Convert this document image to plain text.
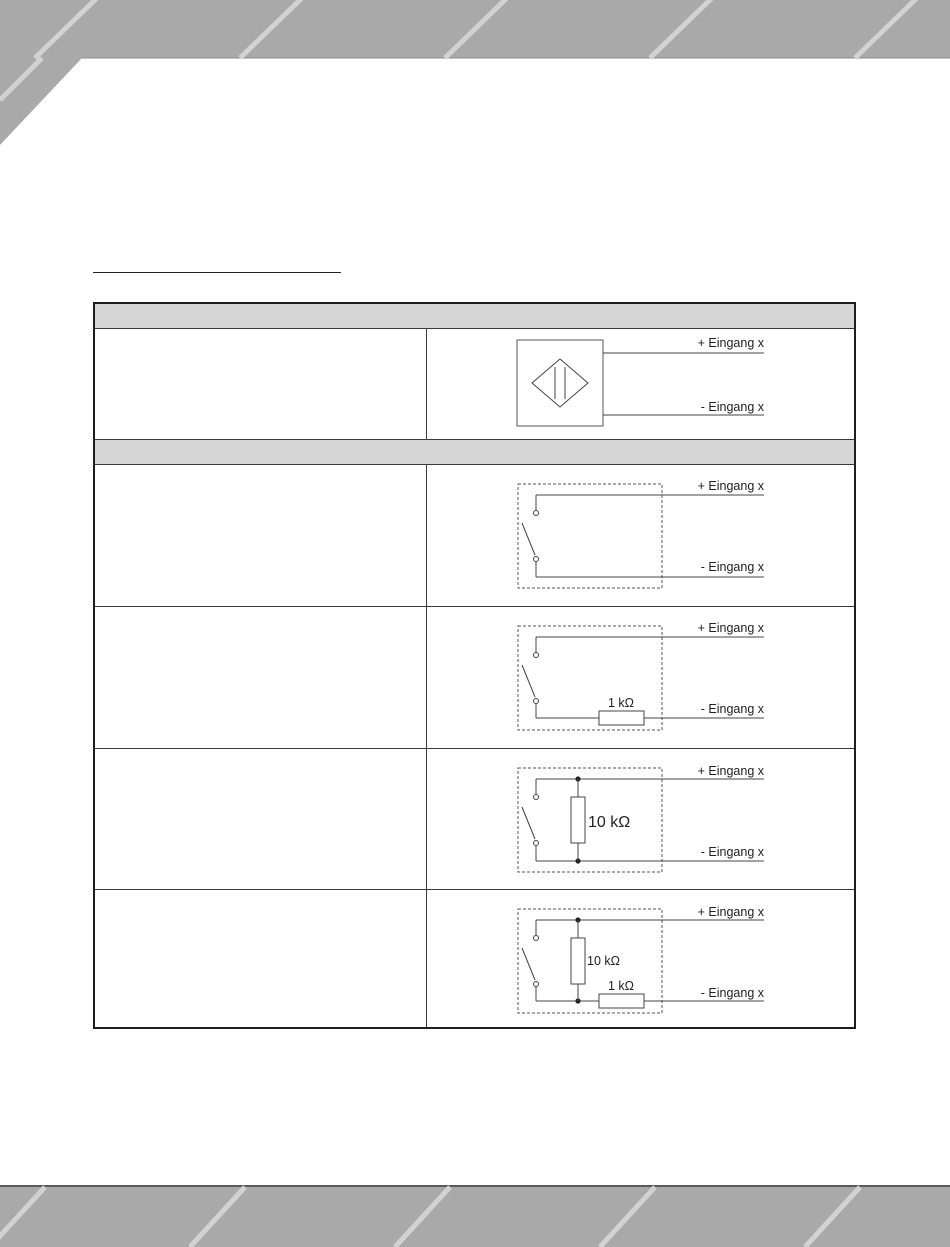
+ Eingang x
- Eingang x
+ Eingang x
- Eingang x
1 kΩ
+ Eingang x
- Eingang x
10 kΩ
+ Eingang x
- Eingang x
10 kΩ
1 kΩ
+ Eingang x
- Eingang x
